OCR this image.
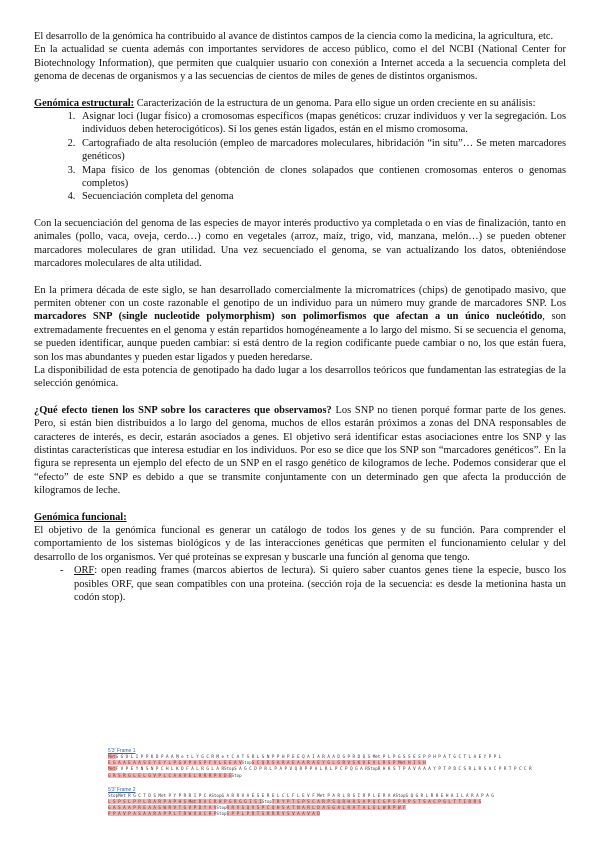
El desarrollo de la genómica ha contribuido al avance de distintos campos de la ciencia como la medicina, la agricultura, etc.

En la actualidad se cuenta además con importantes servidores de acceso público, como el del NCBI (National Center for Biotechnology Information), que permiten que cualquier usuario con conexión a Internet acceda a la secuencia completa del genoma de decenas de organismos y a las secuencias de cientos de miles de genes de distintos organismos.

Genómica estructural: Caracterización de la estructura de un genoma. Para ello sigue un orden creciente en su análisis:

1. Asignar loci (lugar físico) a cromosomas específicos (mapas genéticos: cruzar individuos y ver la segregación. Los individuos deben heterocigóticos). Si los genes están ligados, están en el mismo cromosoma.
2. Cartografiado de alta resolución (empleo de marcadores moleculares, hibridación “in situ”… Se meten marcadores genéticos)
3. Mapa físico de los genomas (obtención de clones solapados que contienen cromosomas enteros o genomas completos)
4. Secuenciación completa del genoma

Con la secuenciación del genoma de las especies de mayor interés productivo ya completada o en vías de finalización, tanto en animales (pollo, vaca, oveja, cerdo…) como en vegetales (arroz, maíz, trigo, vid, manzana, melón…) se pueden obtener marcadores moleculares de gran utilidad. Una vez secuenciado el genoma, se van actualizando los datos, obteniéndose marcadores moleculares de alta utilidad.

En la primera década de este siglo, se han desarrollado comercialmente la micromatrices (chips) de genotipado masivo, que permiten obtener con un coste razonable el genotipo de un individuo para un número muy grande de marcadores SNP. Los marcadores SNP (single nucleotide polymorphism) son polimorfismos que afectan a un único nucleótido, son extremadamente frecuentes en el genoma y están repartidos homogéneamente a lo largo del mismo. Si se secuencia el genoma, se pueden identificar, aunque pueden cambiar: si está dentro de la region codificante puede cambiar o no, los que están fuera, son los mas abundantes y pueden estar ligados y pueden heredarse.

La disponibilidad de esta potencia de genotipado ha dado lugar a los desarrollos teóricos que fundamentan las estrategias de la selección genómica.

¿Qué efecto tienen los SNP sobre los caracteres que observamos? Los SNP no tienen porqué formar parte de los genes. Pero, si están bien distribuidos a lo largo del genoma, muchos de ellos estarán próximos a zonas del DNA responsables de caracteres de interés, es decir, estarán asociados a genes. El objetivo será identificar estas asociaciones entre los SNP y las distintas características que interesa estudiar en los individuos. Por eso se dice que los SNP son “marcadores genéticos”. En la figura se representa un ejemplo del efecto de un SNP en el rasgo genético de kilogramos de leche. Podemos considerar que el “efecto” de este SNP es debido a que se transmite conjuntamente con un determinado gen que afecta la producción de kilogramos de leche.

Genómica funcional:

El objetivo de la genómica funcional es generar un catálogo de todos los genes y de su función. Para comprender el comportamiento de los sistemas biológicos y de las interacciones genéticas que permiten el funcionamiento celular y del desarrollo de los organismos. Ver qué proteínas se expresan y buscarle una función al genoma que tengo.

- ORF: open reading frames (marcos abiertos de lectura). Si quiero saber cuantos genes tiene la especie, busco los posibles ORF, que sean compatibles con una proteína. (sección roja de la secuencia: es desde la metionina hasta un codón stop).
5'3' Frame 1
MetS G D L I P P K D P A A M e t L Y G C R M e t C A T S R L S N P P H P E E Q A I A R A A D G P R D Q S Met P L P G S S E S P P H P A T G C T L A E Y P P L
E G A A E A A S E Y E Y L P G V P A S P F V L E E A VStopS C Q R S A R A E A A R A E Y G L G R V S K V E V L R S P Met H I S H
MetF V P E Y N S N P C H L K D F A L R G L A RStopS A G C D P R L P A P V Q R P P A L R L P C P Q G A RStopR H K S T P A V A A A Y P T P D C S R L R S A C P R T P C C R
G R S R G L E L G V P L C A A V E L R R R P V D EStop
5'3' Frame 2
StopMet R G C T D S Met P Y P R R I P C AStopG A R R V A E S E R E L C L F L E V F Met P A R L R S I R P L E R A AStopS Q G R L R R E H A I L A R A P A G
L S P S L P P L R A R P A P H S Met R A C R H P G R G G I S IStopT R Y P T S P S C A R P S Q R H R S A P Q C G P S P R P S T S A C P G L T T I R R S
G A S A A P R E A A S W R V T G V P D Y A VStopR R V S Q V S P C Q H S A T N A R L D A S G A L R A T A L G L W R P W F
P P A V P A S A A R A P P L T R W V A C R PStopS P P L P R T S R R R V S V A A V A D
